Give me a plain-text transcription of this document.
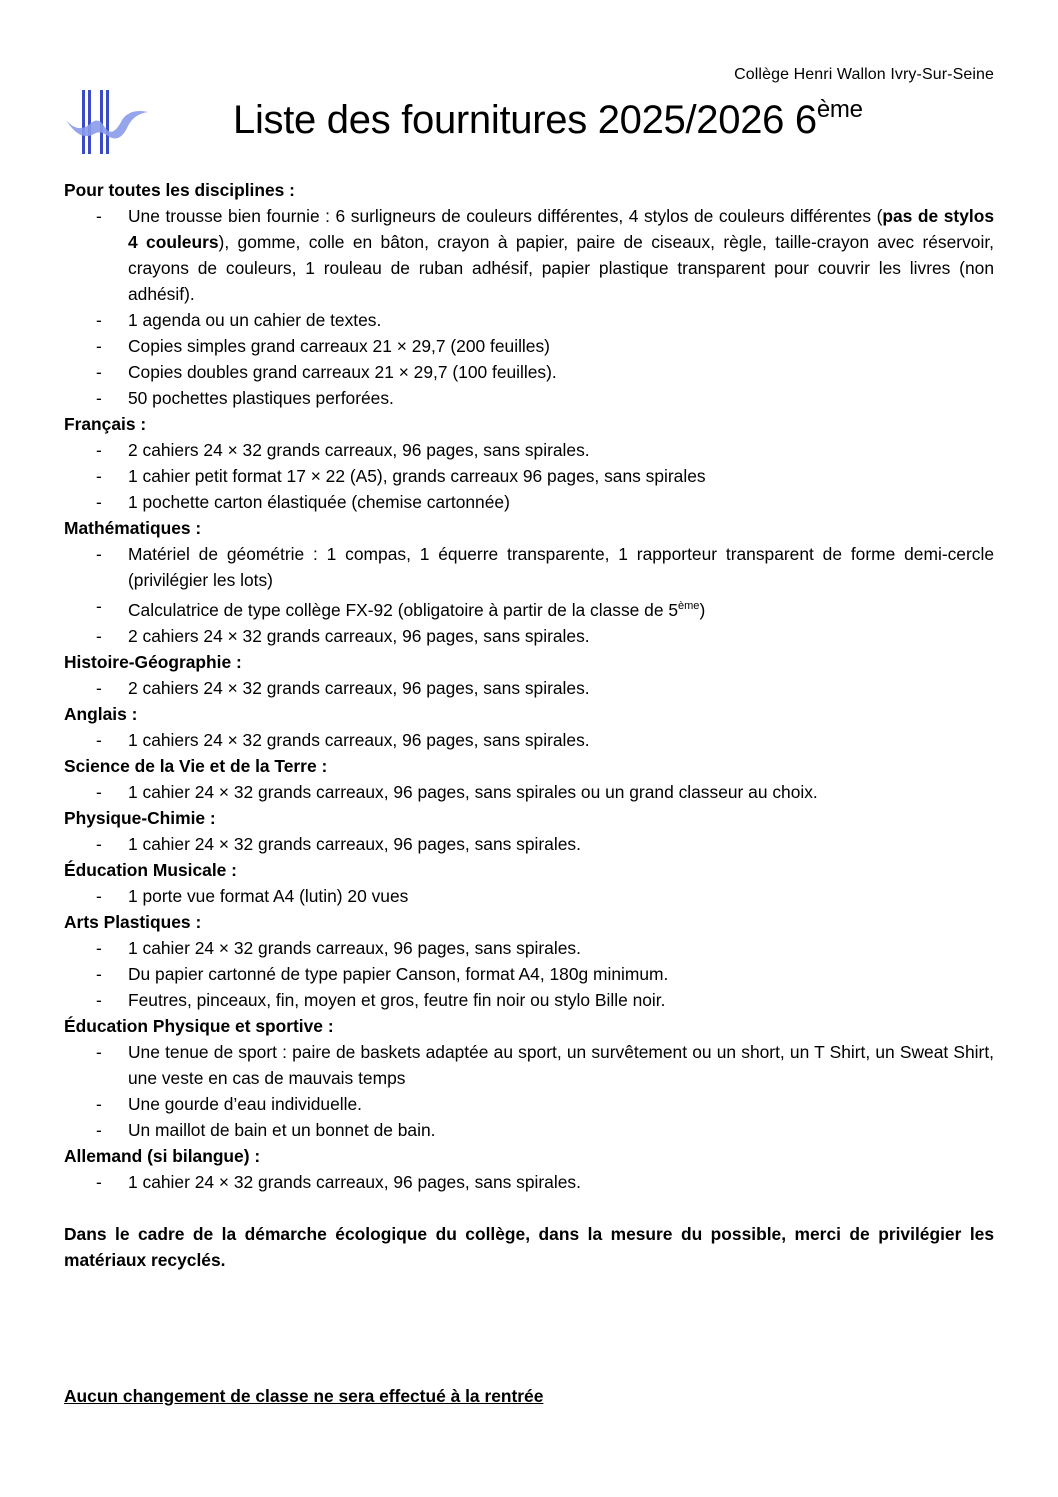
Collège Henri Wallon Ivry-Sur-Seine
Liste des fournitures 2025/2026 6ème
Pour toutes les disciplines :
- Une trousse bien fournie : 6 surligneurs de couleurs différentes, 4 stylos de couleurs différentes (pas de stylos 4 couleurs), gomme, colle en bâton, crayon à papier, paire de ciseaux, règle, taille-crayon avec réservoir, crayons de couleurs, 1 rouleau de ruban adhésif, papier plastique transparent pour couvrir les livres (non adhésif).
- 1 agenda ou un cahier de textes.
- Copies simples grand carreaux 21 × 29,7 (200 feuilles)
- Copies doubles grand carreaux 21 × 29,7 (100 feuilles).
- 50 pochettes plastiques perforées.
Français :
- 2 cahiers 24 × 32 grands carreaux, 96 pages, sans spirales.
- 1 cahier petit format 17 × 22 (A5), grands carreaux 96 pages, sans spirales
- 1 pochette carton élastiquée (chemise cartonnée)
Mathématiques :
- Matériel de géométrie : 1 compas, 1 équerre transparente, 1 rapporteur transparent de forme demi-cercle (privilégier les lots)
- Calculatrice de type collège FX-92 (obligatoire à partir de la classe de 5ème)
- 2 cahiers 24 × 32 grands carreaux, 96 pages, sans spirales.
Histoire-Géographie :
- 2 cahiers 24 × 32 grands carreaux, 96 pages, sans spirales.
Anglais :
- 1 cahiers 24 × 32 grands carreaux, 96 pages, sans spirales.
Science de la Vie et de la Terre :
- 1 cahier 24 × 32 grands carreaux, 96 pages, sans spirales ou un grand classeur au choix.
Physique-Chimie :
- 1 cahier 24 × 32 grands carreaux, 96 pages, sans spirales.
Éducation Musicale :
- 1 porte vue format A4 (lutin) 20 vues
Arts Plastiques :
- 1 cahier 24 × 32 grands carreaux, 96 pages, sans spirales.
- Du papier cartonné de type papier Canson, format A4, 180g minimum.
- Feutres, pinceaux, fin, moyen et gros, feutre fin noir ou stylo Bille noir.
Éducation Physique et sportive :
- Une tenue de sport : paire de baskets adaptée au sport, un survêtement ou un short, un T Shirt, un Sweat Shirt, une veste en cas de mauvais temps
- Une gourde d’eau individuelle.
- Un maillot de bain et un bonnet de bain.
Allemand (si bilangue) :
- 1 cahier 24 × 32 grands carreaux, 96 pages, sans spirales.
Dans le cadre de la démarche écologique du collège, dans la mesure du possible, merci de privilégier les matériaux recyclés.
Aucun changement de classe ne sera effectué à la rentrée
